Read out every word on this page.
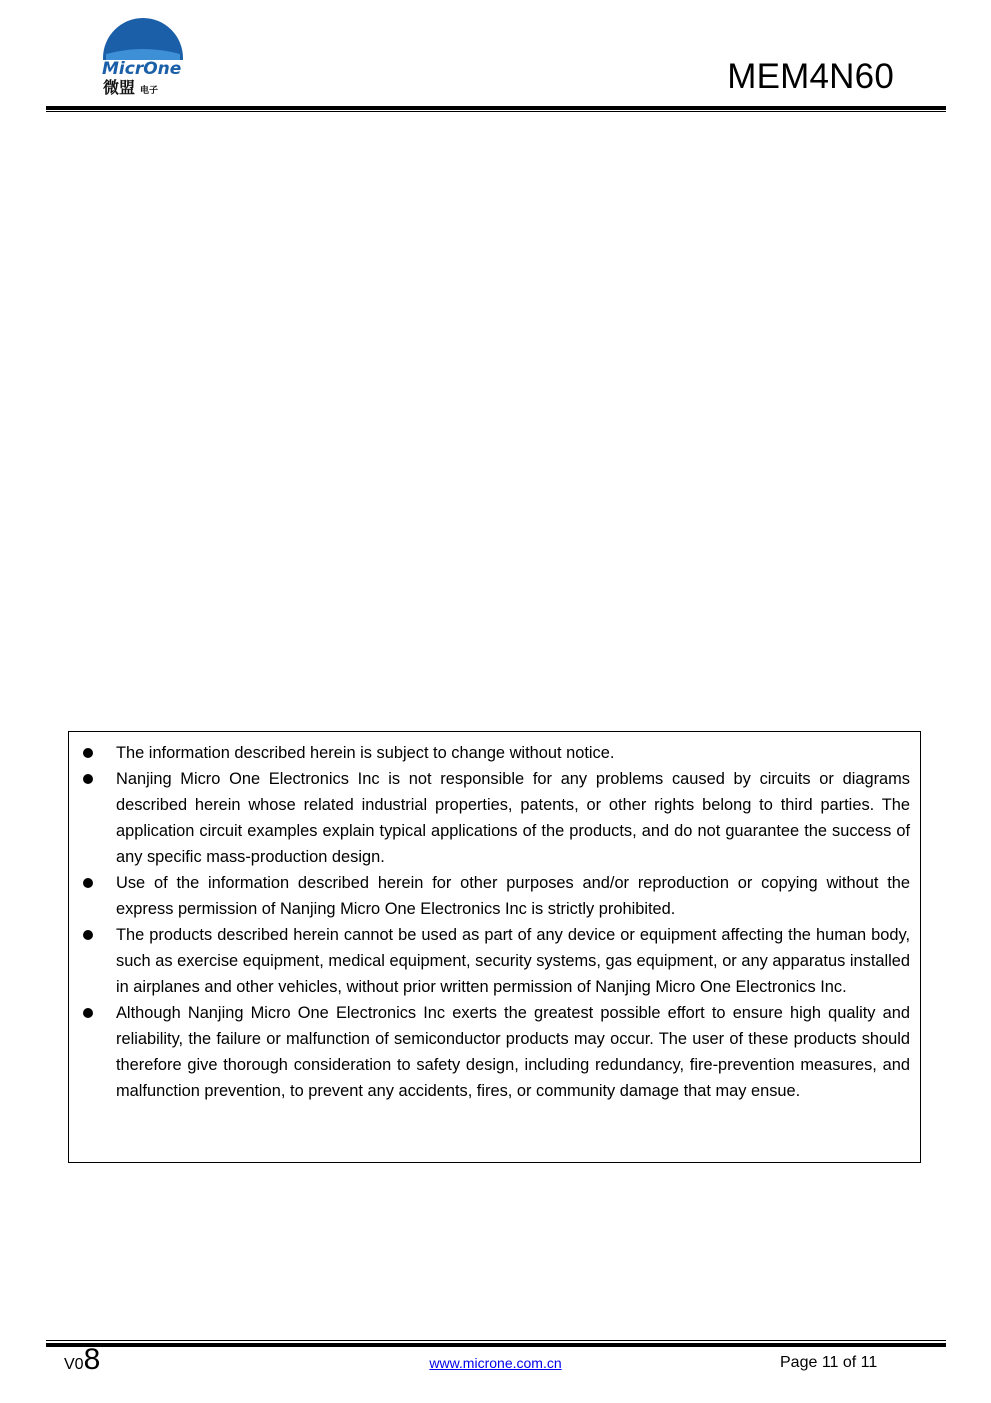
MicrOne
微盟 电子	MEM4N60
The information described herein is subject to change without notice.
Nanjing Micro One Electronics Inc is not responsible for any problems caused by circuits or diagrams described herein whose related industrial properties, patents, or other rights belong to third parties. The application circuit examples explain typical applications of the products, and do not guarantee the success of any specific mass-production design.
Use of the information described herein for other purposes and/or reproduction or copying without the express permission of Nanjing Micro One Electronics Inc is strictly prohibited.
The products described herein cannot be used as part of any device or equipment affecting the human body, such as exercise equipment, medical equipment, security systems, gas equipment, or any apparatus installed in airplanes and other vehicles, without prior written permission of Nanjing Micro One Electronics Inc.
Although Nanjing Micro One Electronics Inc exerts the greatest possible effort to ensure high quality and reliability, the failure or malfunction of semiconductor products may occur. The user of these products should therefore give thorough consideration to safety design, including redundancy, fire-prevention measures, and malfunction prevention, to prevent any accidents, fires, or community damage that may ensue.
V08	www.microne.com.cn	Page 11 of 11
